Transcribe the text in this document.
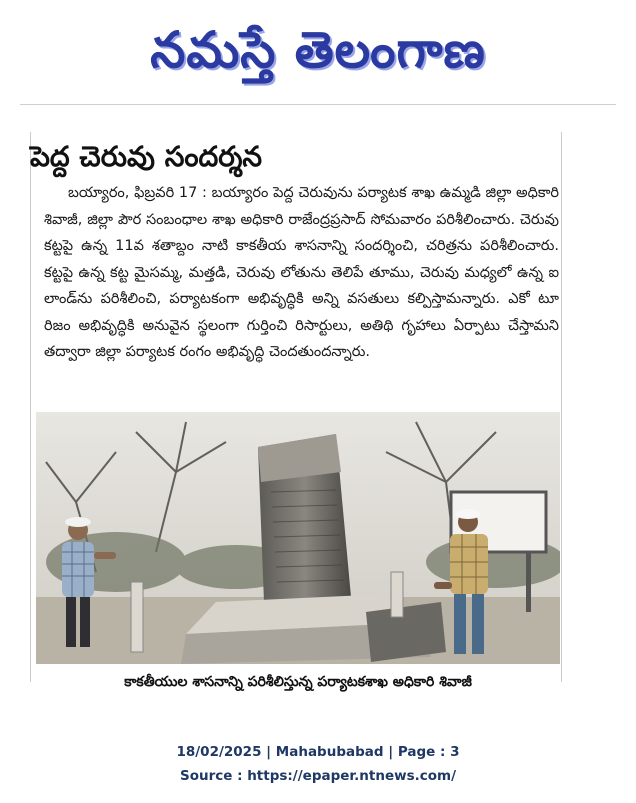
నమస్తే తెలంగాణ
పెద్ద చెరువు సందర్శన
బయ్యారం, ఫిబ్రవరి 17 : బయ్యారం పెద్ద చెరువును పర్యాటక శాఖ ఉమ్మడి జిల్లా అధికారి శివాజీ, జిల్లా పౌర సంబంధాల శాఖ అధికారి రాజేంద్రప్రసాద్ సోమవారం పరిశీలించారు. చెరువు కట్టపై ఉన్న 11వ శతాబ్దం నాటి కాకతీయ శాసనాన్ని సందర్శించి, చరిత్రను పరిశీలించారు. కట్టపై ఉన్న కట్ట మైసమ్మ, మత్తడి, చెరువు లోతును తెలిపే తూము, చెరువు మధ్యలో ఉన్న ఐ లాండ్‌ను పరిశీలించి, పర్యాటకంగా అభివృద్ధికి అన్ని వసతులు కల్పిస్తామన్నారు. ఎకో టూ రిజం అభివృద్ధికి అనువైన స్థలంగా గుర్తించి రిసార్టులు, అతిథి గృహాలు ఏర్పాటు చేస్తామని తద్వారా జిల్లా పర్యాటక రంగం అభివృద్ధి చెందతుందన్నారు.
కాకతీయుల శాసనాన్ని పరిశీలిస్తున్న పర్యాటకశాఖ అధికారి శివాజీ
18/02/2025 | Mahabubabad | Page : 3
Source : https://epaper.ntnews.com/
